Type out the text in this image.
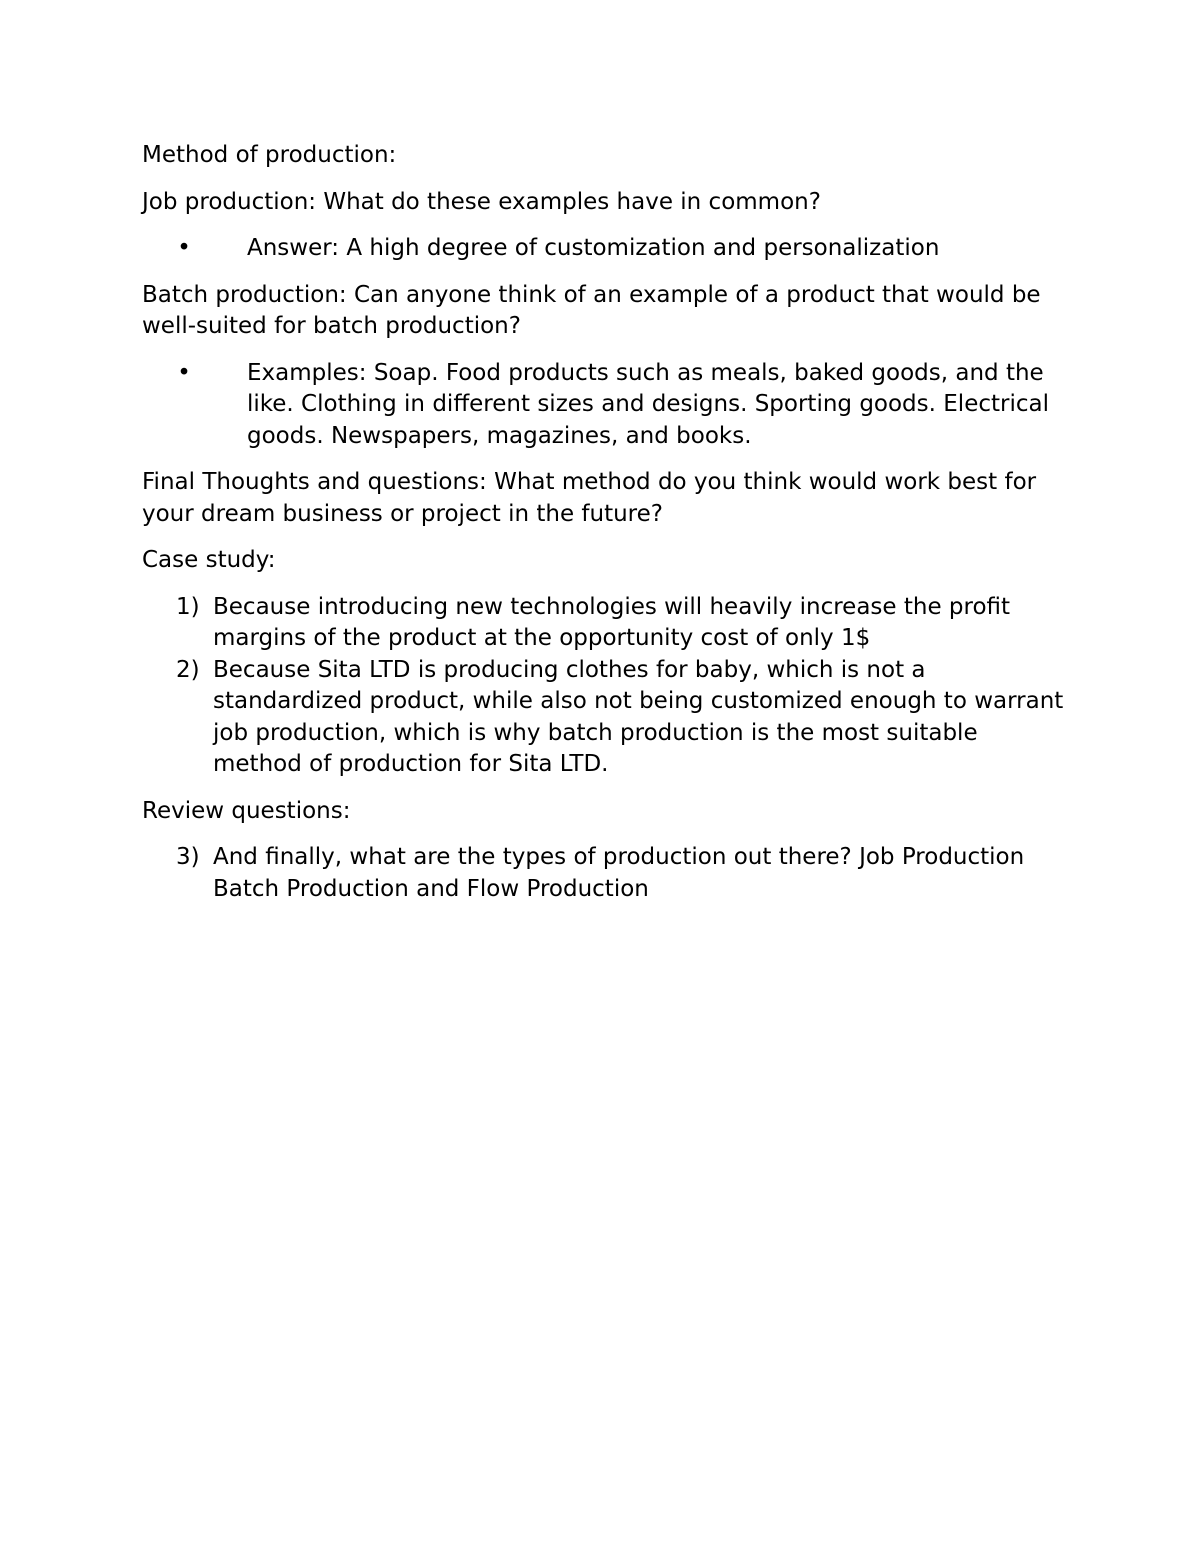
Method of production:

Job production: What do these examples have in common?

• Answer: A high degree of customization and personalization

Batch production: Can anyone think of an example of a product that would be well-suited for batch production?

• Examples: Soap. Food products such as meals, baked goods, and the like. Clothing in different sizes and designs. Sporting goods. Electrical goods. Newspapers, magazines, and books.

Final Thoughts and questions: What method do you think would work best for your dream business or project in the future?

Case study:

1) Because introducing new technologies will heavily increase the profit margins of the product at the opportunity cost of only 1$
2) Because Sita LTD is producing clothes for baby, which is not a standardized product, while also not being customized enough to warrant job production, which is why batch production is the most suitable method of production for Sita LTD.

Review questions:

3) And finally, what are the types of production out there? Job Production Batch Production and Flow Production
